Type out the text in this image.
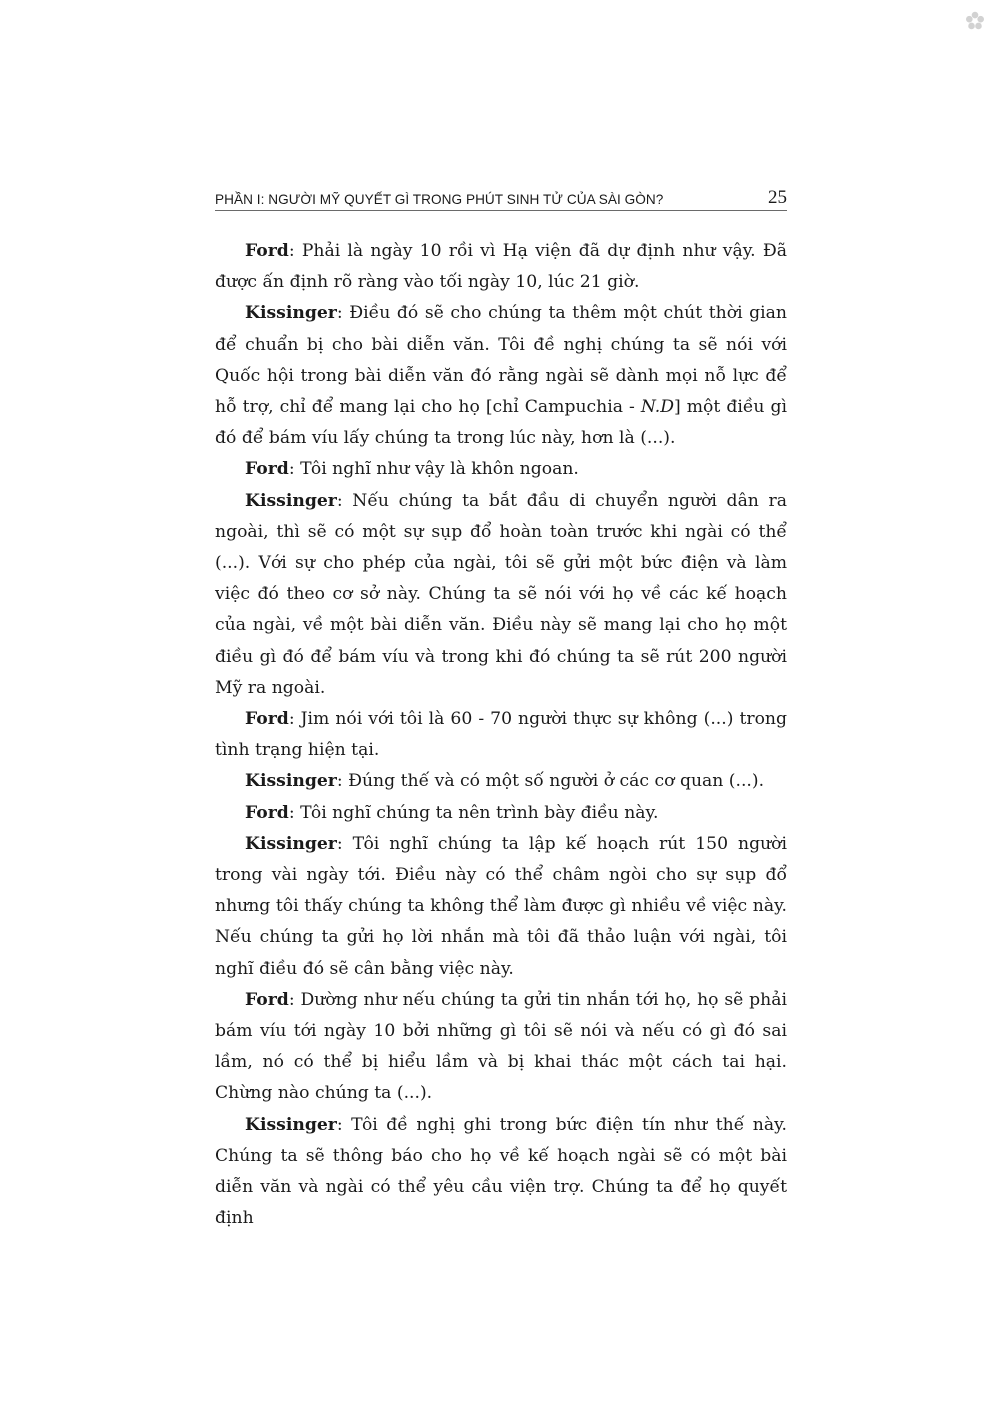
PHẦN I: NGƯỜI MỸ QUYẾT GÌ TRONG PHÚT SINH TỬ CỦA SÀI GÒN?	25

Ford: Phải là ngày 10 rồi vì Hạ viện đã dự định như vậy. Đã được ấn định rõ ràng vào tối ngày 10, lúc 21 giờ.

Kissinger: Điều đó sẽ cho chúng ta thêm một chút thời gian để chuẩn bị cho bài diễn văn. Tôi đề nghị chúng ta sẽ nói với Quốc hội trong bài diễn văn đó rằng ngài sẽ dành mọi nỗ lực để hỗ trợ, chỉ để mang lại cho họ [chỉ Campuchia - N.D] một điều gì đó để bám víu lấy chúng ta trong lúc này, hơn là (...).

Ford: Tôi nghĩ như vậy là khôn ngoan.

Kissinger: Nếu chúng ta bắt đầu di chuyển người dân ra ngoài, thì sẽ có một sự sụp đổ hoàn toàn trước khi ngài có thể (...). Với sự cho phép của ngài, tôi sẽ gửi một bức điện và làm việc đó theo cơ sở này. Chúng ta sẽ nói với họ về các kế hoạch của ngài, về một bài diễn văn. Điều này sẽ mang lại cho họ một điều gì đó để bám víu và trong khi đó chúng ta sẽ rút 200 người Mỹ ra ngoài.

Ford: Jim nói với tôi là 60 - 70 người thực sự không (...) trong tình trạng hiện tại.

Kissinger: Đúng thế và có một số người ở các cơ quan (...).

Ford: Tôi nghĩ chúng ta nên trình bày điều này.

Kissinger: Tôi nghĩ chúng ta lập kế hoạch rút 150 người trong vài ngày tới. Điều này có thể châm ngòi cho sự sụp đổ nhưng tôi thấy chúng ta không thể làm được gì nhiều về việc này. Nếu chúng ta gửi họ lời nhắn mà tôi đã thảo luận với ngài, tôi nghĩ điều đó sẽ cân bằng việc này.

Ford: Dường như nếu chúng ta gửi tin nhắn tới họ, họ sẽ phải bám víu tới ngày 10 bởi những gì tôi sẽ nói và nếu có gì đó sai lầm, nó có thể bị hiểu lầm và bị khai thác một cách tai hại. Chừng nào chúng ta (...).

Kissinger: Tôi đề nghị ghi trong bức điện tín như thế này. Chúng ta sẽ thông báo cho họ về kế hoạch ngài sẽ có một bài diễn văn và ngài có thể yêu cầu viện trợ. Chúng ta để họ quyết định
